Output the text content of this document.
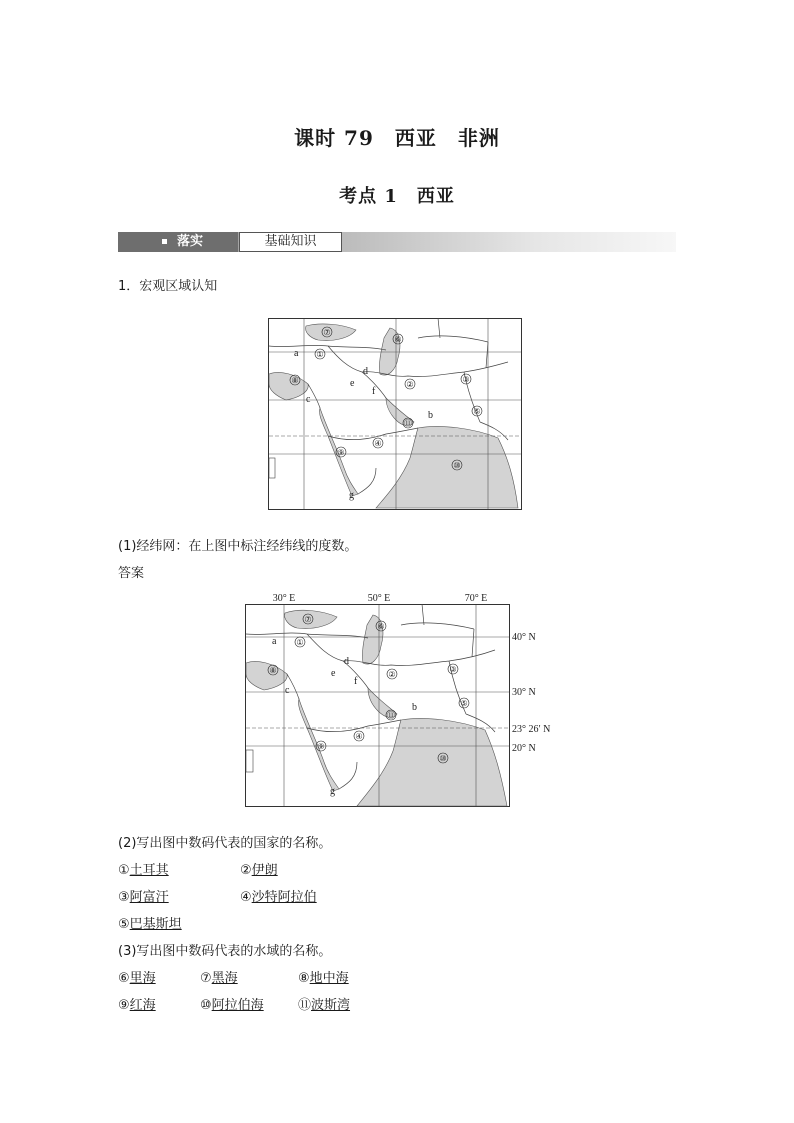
课时 79　西亚　非洲
考点 1　西亚
落实	基础知识
1．宏观区域认知
⑦
①
⑥
②
③
⑧
⑤
⑪
④
⑨
⑩
a
b
c
d
e
f
g
(1)经纬网：在上图中标注经纬线的度数。
答案
30° E	50° E	70° E
⑦
①
⑥
②
③
⑧
⑤
⑪
④
⑨
⑩
a
b
c
d
e
f
g
40° N
30° N
23° 26′ N
20° N
(2)写出图中数码代表的国家的名称。
①土耳其	②伊朗
③阿富汗	④沙特阿拉伯
⑤巴基斯坦
(3)写出图中数码代表的水域的名称。
⑥里海	⑦黑海	⑧地中海
⑨红海	⑩阿拉伯海	⑪波斯湾
